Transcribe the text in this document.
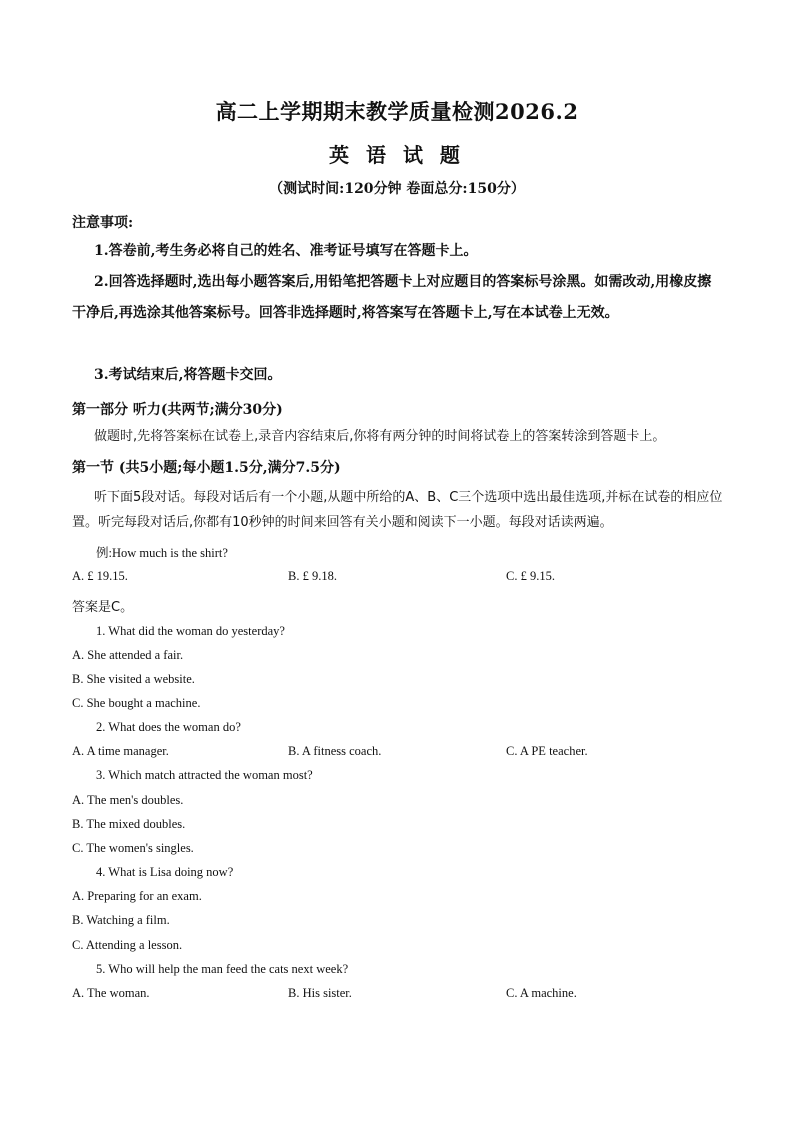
高二上学期期末教学质量检测2026.2
英 语 试 题
（测试时间:120分钟 卷面总分:150分）
注意事项:
1.答卷前,考生务必将自己的姓名、准考证号填写在答题卡上。
2.回答选择题时,选出每小题答案后,用铅笔把答题卡上对应题目的答案标号涂黑。如需改动,用橡皮擦干净后,再选涂其他答案标号。回答非选择题时,将答案写在答题卡上,写在本试卷上无效。
3.考试结束后,将答题卡交回。
第一部分 听力(共两节;满分30分)
做题时,先将答案标在试卷上,录音内容结束后,你将有两分钟的时间将试卷上的答案转涂到答题卡上。
第一节 (共5小题;每小题1.5分,满分7.5分)
听下面5段对话。每段对话后有一个小题,从题中所给的A、B、C三个选项中选出最佳选项,并标在试卷的相应位置。听完每段对话后,你都有10秒钟的时间来回答有关小题和阅读下一小题。每段对话读两遍。
例:How much is the shirt?
A. £ 19.15.	B. £ 9.18.	C. £ 9.15.
答案是C。
1. What did the woman do yesterday?
A. She attended a fair.
B. She visited a website.
C. She bought a machine.
2. What does the woman do?
A. A time manager.	B. A fitness coach.	C. A PE teacher.
3. Which match attracted the woman most?
A. The men's doubles.
B. The mixed doubles.
C. The women's singles.
4. What is Lisa doing now?
A. Preparing for an exam.
B. Watching a film.
C. Attending a lesson.
5. Who will help the man feed the cats next week?
A. The woman.	B. His sister.	C. A machine.
